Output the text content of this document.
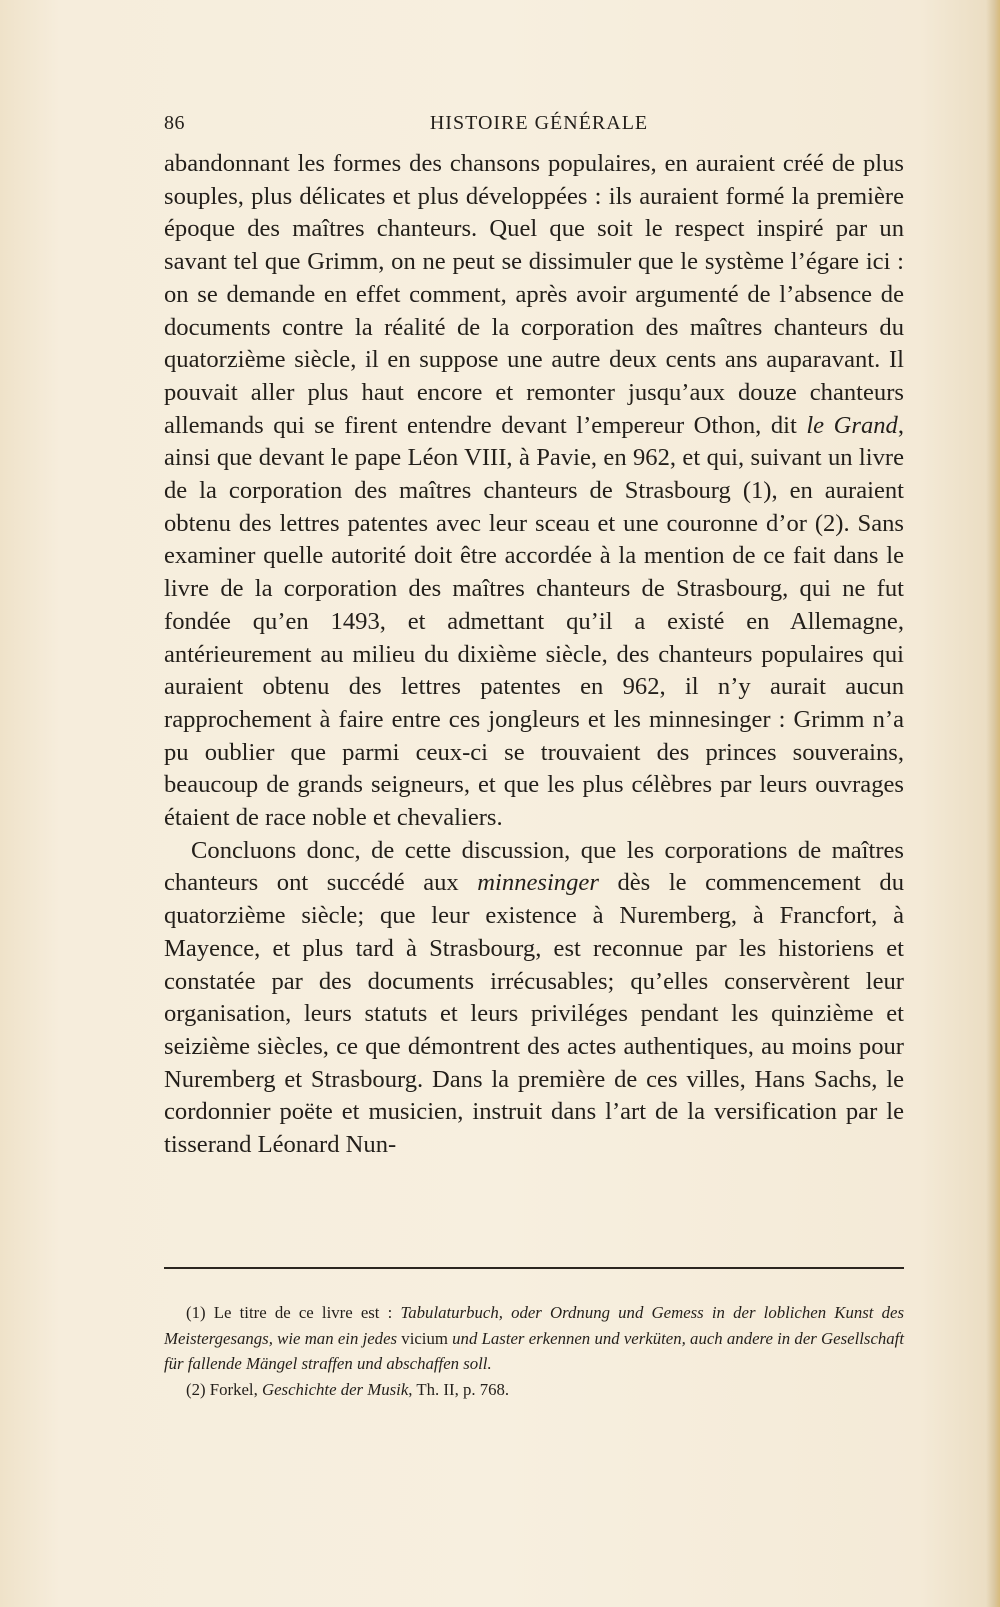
86	HISTOIRE GÉNÉRALE

abandonnant les formes des chansons populaires, en auraient créé de plus souples, plus délicates et plus développées : ils auraient formé la première époque des maîtres chanteurs. Quel que soit le respect inspiré par un savant tel que Grimm, on ne peut se dissimuler que le système l’égare ici : on se demande en effet comment, après avoir argumenté de l’absence de documents contre la réalité de la corporation des maîtres chanteurs du quatorzième siècle, il en suppose une autre deux cents ans auparavant. Il pouvait aller plus haut encore et remonter jusqu’aux douze chanteurs allemands qui se firent entendre devant l’empereur Othon, dit le Grand, ainsi que devant le pape Léon VIII, à Pavie, en 962, et qui, suivant un livre de la corporation des maîtres chanteurs de Strasbourg (1), en auraient obtenu des lettres patentes avec leur sceau et une couronne d’or (2). Sans examiner quelle autorité doit être accordée à la mention de ce fait dans le livre de la corporation des maîtres chanteurs de Strasbourg, qui ne fut fondée qu’en 1493, et admettant qu’il a existé en Allemagne, antérieurement au milieu du dixième siècle, des chanteurs populaires qui auraient obtenu des lettres patentes en 962, il n’y aurait aucun rapprochement à faire entre ces jongleurs et les minnesinger : Grimm n’a pu oublier que parmi ceux-ci se trouvaient des princes souverains, beaucoup de grands seigneurs, et que les plus célèbres par leurs ouvrages étaient de race noble et chevaliers.

Concluons donc, de cette discussion, que les corporations de maîtres chanteurs ont succédé aux minnesinger dès le commencement du quatorzième siècle; que leur existence à Nuremberg, à Francfort, à Mayence, et plus tard à Strasbourg, est reconnue par les historiens et constatée par des documents irrécusables; qu’elles conservèrent leur organisation, leurs statuts et leurs priviléges pendant les quinzième et seizième siècles, ce que démontrent des actes authentiques, au moins pour Nuremberg et Strasbourg. Dans la première de ces villes, Hans Sachs, le cordonnier poëte et musicien, instruit dans l’art de la versification par le tisserand Léonard Nun-

(1) Le titre de ce livre est : Tabulaturbuch, oder Ordnung und Gemess in der loblichen Kunst des Meistergesangs, wie man ein jedes vicium und Laster erkennen und verküten, auch andere in der Gesellschaft für fallende Mängel straffen und abschaffen soll.

(2) Forkel, Geschichte der Musik, Th. II, p. 768.
